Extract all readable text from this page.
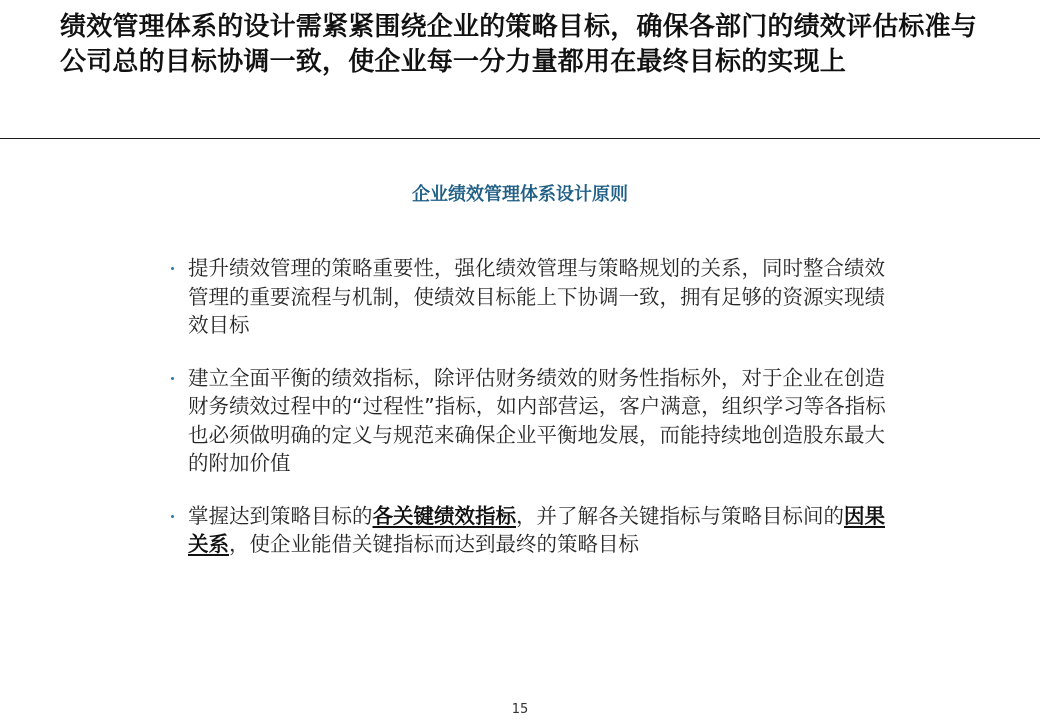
绩效管理体系的设计需紧紧围绕企业的策略目标，确保各部门的绩效评估标准与公司总的目标协调一致，使企业每一分力量都用在最终目标的实现上
企业绩效管理体系设计原则
提升绩效管理的策略重要性，强化绩效管理与策略规划的关系，同时整合绩效管理的重要流程与机制，使绩效目标能上下协调一致，拥有足够的资源实现绩效目标
建立全面平衡的绩效指标，除评估财务绩效的财务性指标外，对于企业在创造财务绩效过程中的“过程性”指标，如内部营运，客户满意，组织学习等各指标也必须做明确的定义与规范来确保企业平衡地发展，而能持续地创造股东最大的附加价值
掌握达到策略目标的各关键绩效指标，并了解各关键指标与策略目标间的因果关系，使企业能借关键指标而达到最终的策略目标
15
